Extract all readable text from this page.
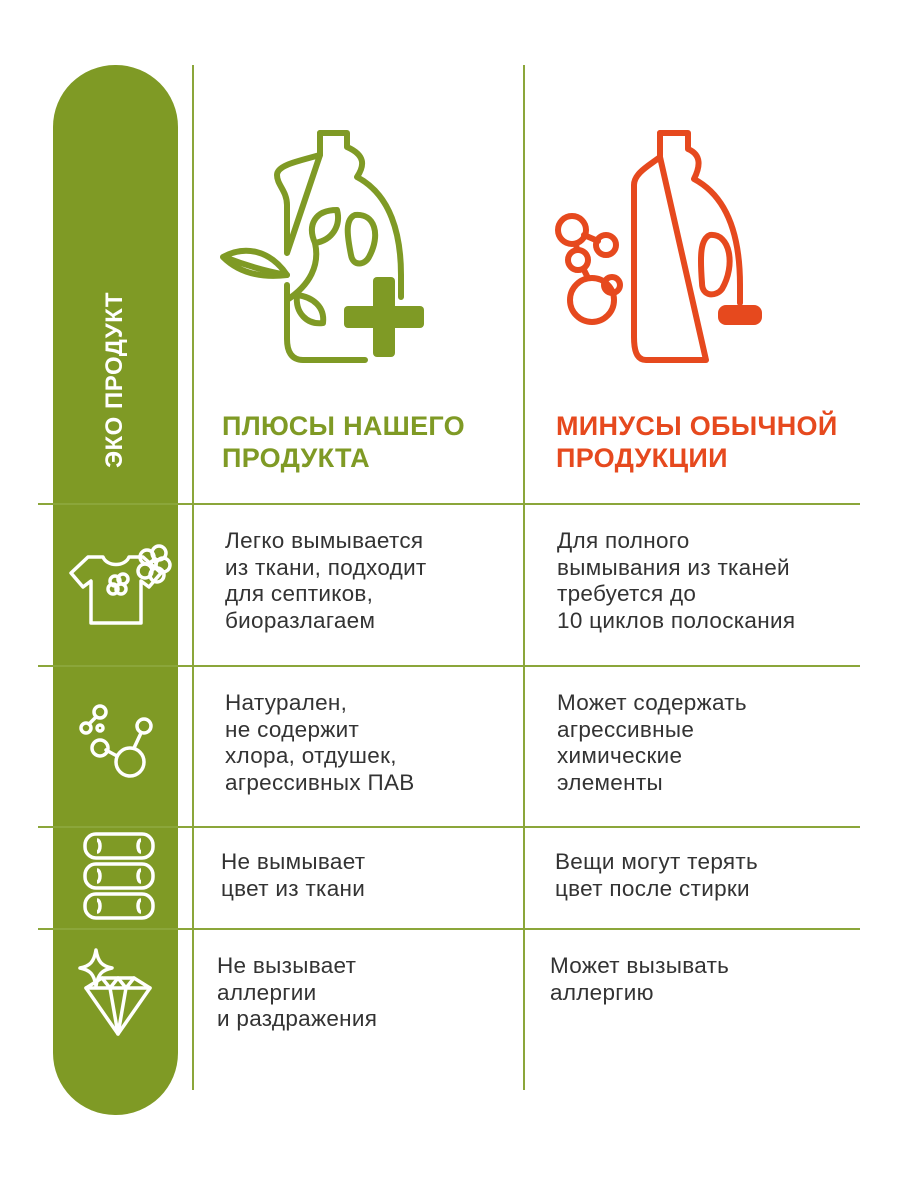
ЭКО ПРОДУКТ	ПЛЮСЫ НАШЕГО
ПРОДУКТА

МИНУСЫ ОБЫЧНОЙ
ПРОДУКЦИИ

Легко вымывается
из ткани, подходит
для септиков,
биоразлагаем

Для полного
вымывания из тканей
требуется до
10 циклов полоскания

Натурален,
не содержит
хлора, отдушек,
агрессивных ПАВ

Может содержать
агрессивные
химические
элементы

Не вымывает
цвет из ткани

Вещи могут терять
цвет после стирки

Не вызывает
аллергии
и раздражения

Может вызывать
аллергию
